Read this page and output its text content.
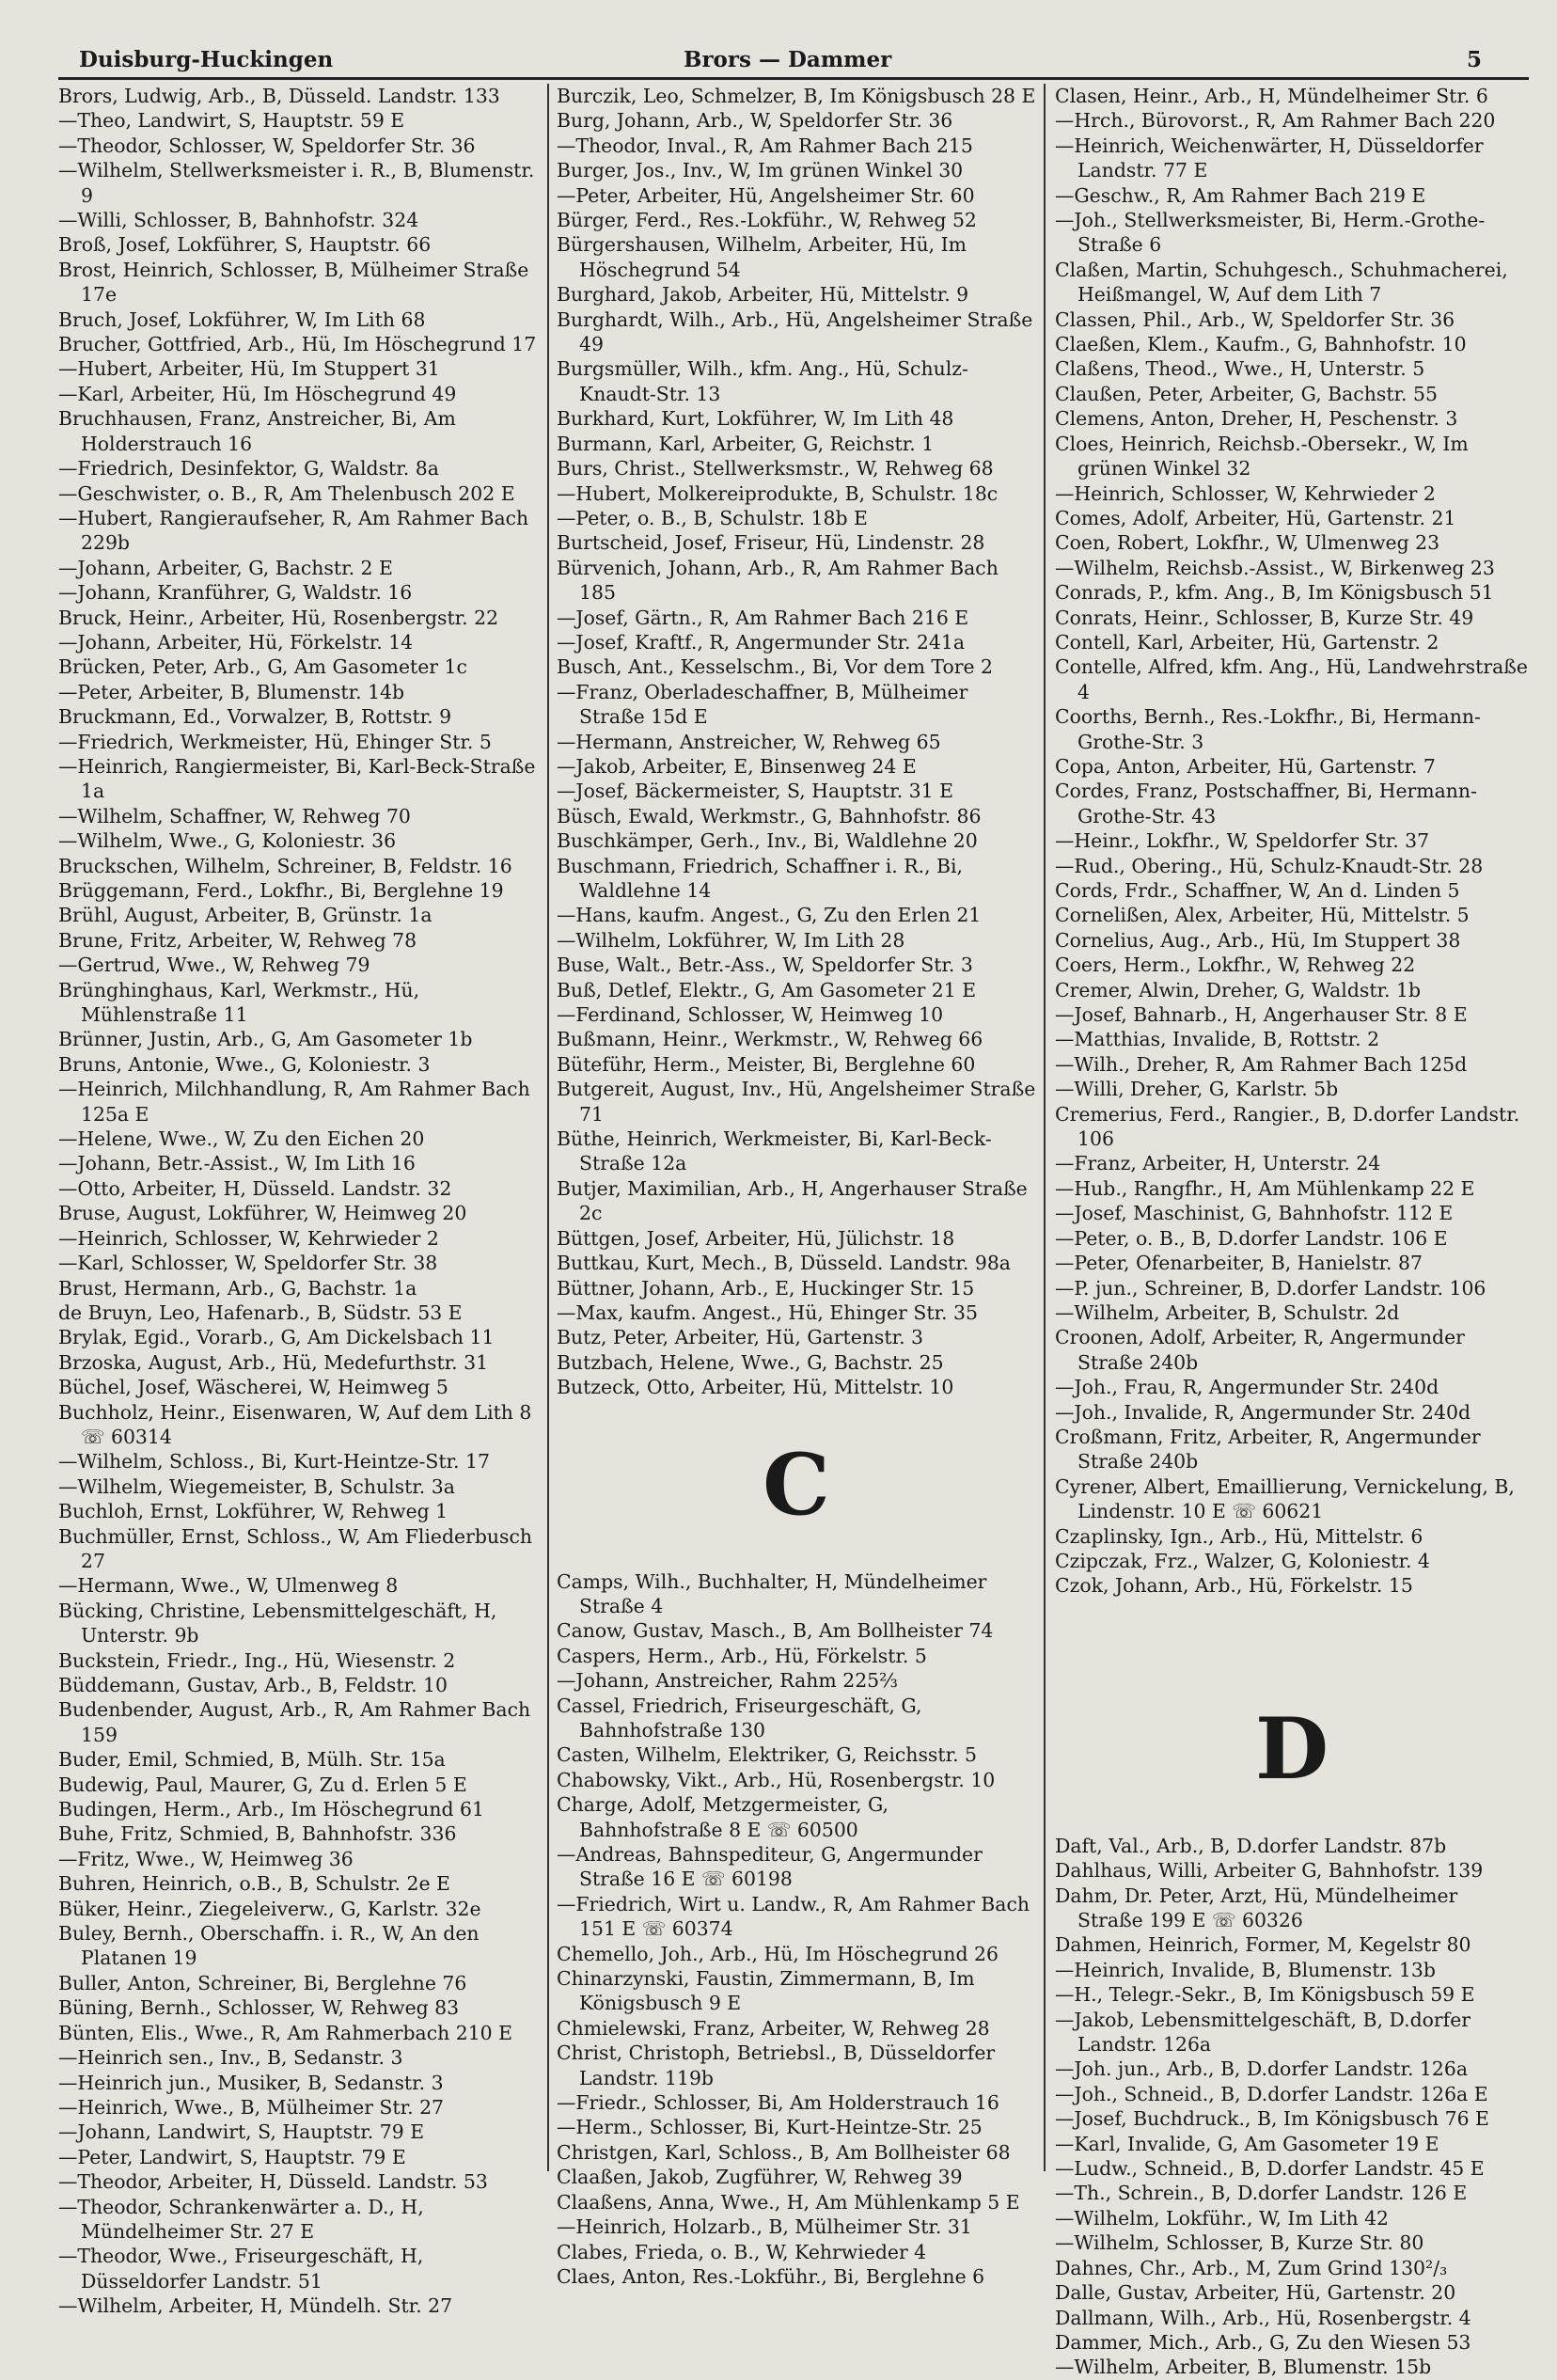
Duisburg-Huckingen	Brors — Dammer	5
Brors, Ludwig, Arb., B, Düsseld. Landstr. 133
—Theo, Landwirt, S, Hauptstr. 59 E
—Theodor, Schlosser, W, Speldorfer Str. 36
—Wilhelm, Stellwerksmeister i. R., B, Blumenstr. 9
—Willi, Schlosser, B, Bahnhofstr. 324
Broß, Josef, Lokführer, S, Hauptstr. 66
Brost, Heinrich, Schlosser, B, Mülheimer Straße 17e
Bruch, Josef, Lokführer, W, Im Lith 68
Brucher, Gottfried, Arb., Hü, Im Höschegrund 17
—Hubert, Arbeiter, Hü, Im Stuppert 31
—Karl, Arbeiter, Hü, Im Höschegrund 49
Bruchhausen, Franz, Anstreicher, Bi, Am Holderstrauch 16
—Friedrich, Desinfektor, G, Waldstr. 8a
—Geschwister, o. B., R, Am Thelenbusch 202 E
—Hubert, Rangieraufseher, R, Am Rahmer Bach 229b
—Johann, Arbeiter, G, Bachstr. 2 E
—Johann, Kranführer, G, Waldstr. 16
Bruck, Heinr., Arbeiter, Hü, Rosenbergstr. 22
—Johann, Arbeiter, Hü, Förkelstr. 14
Brücken, Peter, Arb., G, Am Gasometer 1c
—Peter, Arbeiter, B, Blumenstr. 14b
Bruckmann, Ed., Vorwalzer, B, Rottstr. 9
—Friedrich, Werkmeister, Hü, Ehinger Str. 5
—Heinrich, Rangiermeister, Bi, Karl-Beck-Straße 1a
—Wilhelm, Schaffner, W, Rehweg 70
—Wilhelm, Wwe., G, Koloniestr. 36
Bruckschen, Wilhelm, Schreiner, B, Feldstr. 16
Brüggemann, Ferd., Lokfhr., Bi, Berglehne 19
Brühl, August, Arbeiter, B, Grünstr. 1a
Brune, Fritz, Arbeiter, W, Rehweg 78
—Gertrud, Wwe., W, Rehweg 79
Brünghinghaus, Karl, Werkmstr., Hü, Mühlenstraße 11
Brünner, Justin, Arb., G, Am Gasometer 1b
Bruns, Antonie, Wwe., G, Koloniestr. 3
—Heinrich, Milchhandlung, R, Am Rahmer Bach 125a E
—Helene, Wwe., W, Zu den Eichen 20
—Johann, Betr.-Assist., W, Im Lith 16
—Otto, Arbeiter, H, Düsseld. Landstr. 32
Bruse, August, Lokführer, W, Heimweg 20
—Heinrich, Schlosser, W, Kehrwieder 2
—Karl, Schlosser, W, Speldorfer Str. 38
Brust, Hermann, Arb., G, Bachstr. 1a
de Bruyn, Leo, Hafenarb., B, Südstr. 53 E
Brylak, Egid., Vorarb., G, Am Dickelsbach 11
Brzoska, August, Arb., Hü, Medefurthstr. 31
Büchel, Josef, Wäscherei, W, Heimweg 5
Buchholz, Heinr., Eisenwaren, W, Auf dem Lith 8 ☏ 60314
—Wilhelm, Schloss., Bi, Kurt-Heintze-Str. 17
—Wilhelm, Wiegemeister, B, Schulstr. 3a
Buchloh, Ernst, Lokführer, W, Rehweg 1
Buchmüller, Ernst, Schloss., W, Am Fliederbusch 27
—Hermann, Wwe., W, Ulmenweg 8
Bücking, Christine, Lebensmittelgeschäft, H, Unterstr. 9b
Buckstein, Friedr., Ing., Hü, Wiesenstr. 2
Büddemann, Gustav, Arb., B, Feldstr. 10
Budenbender, August, Arb., R, Am Rahmer Bach 159
Buder, Emil, Schmied, B, Mülh. Str. 15a
Budewig, Paul, Maurer, G, Zu d. Erlen 5 E
Budingen, Herm., Arb., Im Höschegrund 61
Buhe, Fritz, Schmied, B, Bahnhofstr. 336
—Fritz, Wwe., W, Heimweg 36
Buhren, Heinrich, o.B., B, Schulstr. 2e E
Büker, Heinr., Ziegeleiverw., G, Karlstr. 32e
Buley, Bernh., Oberschaffn. i. R., W, An den Platanen 19
Buller, Anton, Schreiner, Bi, Berglehne 76
Büning, Bernh., Schlosser, W, Rehweg 83
Bünten, Elis., Wwe., R, Am Rahmerbach 210 E
—Heinrich sen., Inv., B, Sedanstr. 3
—Heinrich jun., Musiker, B, Sedanstr. 3
—Heinrich, Wwe., B, Mülheimer Str. 27
—Johann, Landwirt, S, Hauptstr. 79 E
—Peter, Landwirt, S, Hauptstr. 79 E
—Theodor, Arbeiter, H, Düsseld. Landstr. 53
—Theodor, Schrankenwärter a. D., H, Mündelheimer Str. 27 E
—Theodor, Wwe., Friseurgeschäft, H, Düsseldorfer Landstr. 51
—Wilhelm, Arbeiter, H, Mündelh. Str. 27
Burczik, Leo, Schmelzer, B, Im Königsbusch 28 E
Burg, Johann, Arb., W, Speldorfer Str. 36
—Theodor, Inval., R, Am Rahmer Bach 215
Burger, Jos., Inv., W, Im grünen Winkel 30
—Peter, Arbeiter, Hü, Angelsheimer Str. 60
Bürger, Ferd., Res.-Lokführ., W, Rehweg 52
Bürgershausen, Wilhelm, Arbeiter, Hü, Im Höschegrund 54
Burghard, Jakob, Arbeiter, Hü, Mittelstr. 9
Burghardt, Wilh., Arb., Hü, Angelsheimer Straße 49
Burgsmüller, Wilh., kfm. Ang., Hü, Schulz-Knaudt-Str. 13
Burkhard, Kurt, Lokführer, W, Im Lith 48
Burmann, Karl, Arbeiter, G, Reichstr. 1
Burs, Christ., Stellwerksmstr., W, Rehweg 68
—Hubert, Molkereiprodukte, B, Schulstr. 18c
—Peter, o. B., B, Schulstr. 18b E
Burtscheid, Josef, Friseur, Hü, Lindenstr. 28
Bürvenich, Johann, Arb., R, Am Rahmer Bach 185
—Josef, Gärtn., R, Am Rahmer Bach 216 E
—Josef, Kraftf., R, Angermunder Str. 241a
Busch, Ant., Kesselschm., Bi, Vor dem Tore 2
—Franz, Oberladeschaffner, B, Mülheimer Straße 15d E
—Hermann, Anstreicher, W, Rehweg 65
—Jakob, Arbeiter, E, Binsenweg 24 E
—Josef, Bäckermeister, S, Hauptstr. 31 E
Büsch, Ewald, Werkmstr., G, Bahnhofstr. 86
Buschkämper, Gerh., Inv., Bi, Waldlehne 20
Buschmann, Friedrich, Schaffner i. R., Bi, Waldlehne 14
—Hans, kaufm. Angest., G, Zu den Erlen 21
—Wilhelm, Lokführer, W, Im Lith 28
Buse, Walt., Betr.-Ass., W, Speldorfer Str. 3
Buß, Detlef, Elektr., G, Am Gasometer 21 E
—Ferdinand, Schlosser, W, Heimweg 10
Bußmann, Heinr., Werkmstr., W, Rehweg 66
Büteführ, Herm., Meister, Bi, Berglehne 60
Butgereit, August, Inv., Hü, Angelsheimer Straße 71
Büthe, Heinrich, Werkmeister, Bi, Karl-Beck-Straße 12a
Butjer, Maximilian, Arb., H, Angerhauser Straße 2c
Büttgen, Josef, Arbeiter, Hü, Jülichstr. 18
Buttkau, Kurt, Mech., B, Düsseld. Landstr. 98a
Büttner, Johann, Arb., E, Huckinger Str. 15
—Max, kaufm. Angest., Hü, Ehinger Str. 35
Butz, Peter, Arbeiter, Hü, Gartenstr. 3
Butzbach, Helene, Wwe., G, Bachstr. 25
Butzeck, Otto, Arbeiter, Hü, Mittelstr. 10
C
Camps, Wilh., Buchhalter, H, Mündelheimer Straße 4
Canow, Gustav, Masch., B, Am Bollheister 74
Caspers, Herm., Arb., Hü, Förkelstr. 5
—Johann, Anstreicher, Rahm 225⅔
Cassel, Friedrich, Friseurgeschäft, G, Bahnhofstraße 130
Casten, Wilhelm, Elektriker, G, Reichsstr. 5
Chabowsky, Vikt., Arb., Hü, Rosenbergstr. 10
Charge, Adolf, Metzgermeister, G, Bahnhofstraße 8 E ☏ 60500
—Andreas, Bahnspediteur, G, Angermunder Straße 16 E ☏ 60198
—Friedrich, Wirt u. Landw., R, Am Rahmer Bach 151 E ☏ 60374
Chemello, Joh., Arb., Hü, Im Höschegrund 26
Chinarzynski, Faustin, Zimmermann, B, Im Königsbusch 9 E
Chmielewski, Franz, Arbeiter, W, Rehweg 28
Christ, Christoph, Betriebsl., B, Düsseldorfer Landstr. 119b
—Friedr., Schlosser, Bi, Am Holderstrauch 16
—Herm., Schlosser, Bi, Kurt-Heintze-Str. 25
Christgen, Karl, Schloss., B, Am Bollheister 68
Claaßen, Jakob, Zugführer, W, Rehweg 39
Claaßens, Anna, Wwe., H, Am Mühlenkamp 5 E
—Heinrich, Holzarb., B, Mülheimer Str. 31
Clabes, Frieda, o. B., W, Kehrwieder 4
Claes, Anton, Res.-Lokführ., Bi, Berglehne 6
Clasen, Heinr., Arb., H, Mündelheimer Str. 6
—Hrch., Bürovorst., R, Am Rahmer Bach 220
—Heinrich, Weichenwärter, H, Düsseldorfer Landstr. 77 E
—Geschw., R, Am Rahmer Bach 219 E
—Joh., Stellwerksmeister, Bi, Herm.-Grothe-Straße 6
Claßen, Martin, Schuhgesch., Schuhmacherei, Heißmangel, W, Auf dem Lith 7
Classen, Phil., Arb., W, Speldorfer Str. 36
Claeßen, Klem., Kaufm., G, Bahnhofstr. 10
Claßens, Theod., Wwe., H, Unterstr. 5
Claußen, Peter, Arbeiter, G, Bachstr. 55
Clemens, Anton, Dreher, H, Peschenstr. 3
Cloes, Heinrich, Reichsb.-Obersekr., W, Im grünen Winkel 32
—Heinrich, Schlosser, W, Kehrwieder 2
Comes, Adolf, Arbeiter, Hü, Gartenstr. 21
Coen, Robert, Lokfhr., W, Ulmenweg 23
—Wilhelm, Reichsb.-Assist., W, Birkenweg 23
Conrads, P., kfm. Ang., B, Im Königsbusch 51
Conrats, Heinr., Schlosser, B, Kurze Str. 49
Contell, Karl, Arbeiter, Hü, Gartenstr. 2
Contelle, Alfred, kfm. Ang., Hü, Landwehrstraße 4
Coorths, Bernh., Res.-Lokfhr., Bi, Hermann-Grothe-Str. 3
Copa, Anton, Arbeiter, Hü, Gartenstr. 7
Cordes, Franz, Postschaffner, Bi, Hermann-Grothe-Str. 43
—Heinr., Lokfhr., W, Speldorfer Str. 37
—Rud., Obering., Hü, Schulz-Knaudt-Str. 28
Cords, Frdr., Schaffner, W, An d. Linden 5
Cornelißen, Alex, Arbeiter, Hü, Mittelstr. 5
Cornelius, Aug., Arb., Hü, Im Stuppert 38
Coers, Herm., Lokfhr., W, Rehweg 22
Cremer, Alwin, Dreher, G, Waldstr. 1b
—Josef, Bahnarb., H, Angerhauser Str. 8 E
—Matthias, Invalide, B, Rottstr. 2
—Wilh., Dreher, R, Am Rahmer Bach 125d
—Willi, Dreher, G, Karlstr. 5b
Cremerius, Ferd., Rangier., B, D.dorfer Landstr. 106
—Franz, Arbeiter, H, Unterstr. 24
—Hub., Rangfhr., H, Am Mühlenkamp 22 E
—Josef, Maschinist, G, Bahnhofstr. 112 E
—Peter, o. B., B, D.dorfer Landstr. 106 E
—Peter, Ofenarbeiter, B, Hanielstr. 87
—P. jun., Schreiner, B, D.dorfer Landstr. 106
—Wilhelm, Arbeiter, B, Schulstr. 2d
Croonen, Adolf, Arbeiter, R, Angermunder Straße 240b
—Joh., Frau, R, Angermunder Str. 240d
—Joh., Invalide, R, Angermunder Str. 240d
Croßmann, Fritz, Arbeiter, R, Angermunder Straße 240b
Cyrener, Albert, Emaillierung, Vernickelung, B, Lindenstr. 10 E ☏ 60621
Czaplinsky, Ign., Arb., Hü, Mittelstr. 6
Czipczak, Frz., Walzer, G, Koloniestr. 4
Czok, Johann, Arb., Hü, Förkelstr. 15
D
Daft, Val., Arb., B, D.dorfer Landstr. 87b
Dahlhaus, Willi, Arbeiter G, Bahnhofstr. 139
Dahm, Dr. Peter, Arzt, Hü, Mündelheimer Straße 199 E ☏ 60326
Dahmen, Heinrich, Former, M, Kegelstr 80
—Heinrich, Invalide, B, Blumenstr. 13b
—H., Telegr.-Sekr., B, Im Königsbusch 59 E
—Jakob, Lebensmittelgeschäft, B, D.dorfer Landstr. 126a
—Joh. jun., Arb., B, D.dorfer Landstr. 126a
—Joh., Schneid., B, D.dorfer Landstr. 126a E
—Josef, Buchdruck., B, Im Königsbusch 76 E
—Karl, Invalide, G, Am Gasometer 19 E
—Ludw., Schneid., B, D.dorfer Landstr. 45 E
—Th., Schrein., B, D.dorfer Landstr. 126 E
—Wilhelm, Lokführ., W, Im Lith 42
—Wilhelm, Schlosser, B, Kurze Str. 80
Dahnes, Chr., Arb., M, Zum Grind 130²/₃
Dalle, Gustav, Arbeiter, Hü, Gartenstr. 20
Dallmann, Wilh., Arb., Hü, Rosenbergstr. 4
Dammer, Mich., Arb., G, Zu den Wiesen 53
—Wilhelm, Arbeiter, B, Blumenstr. 15b
